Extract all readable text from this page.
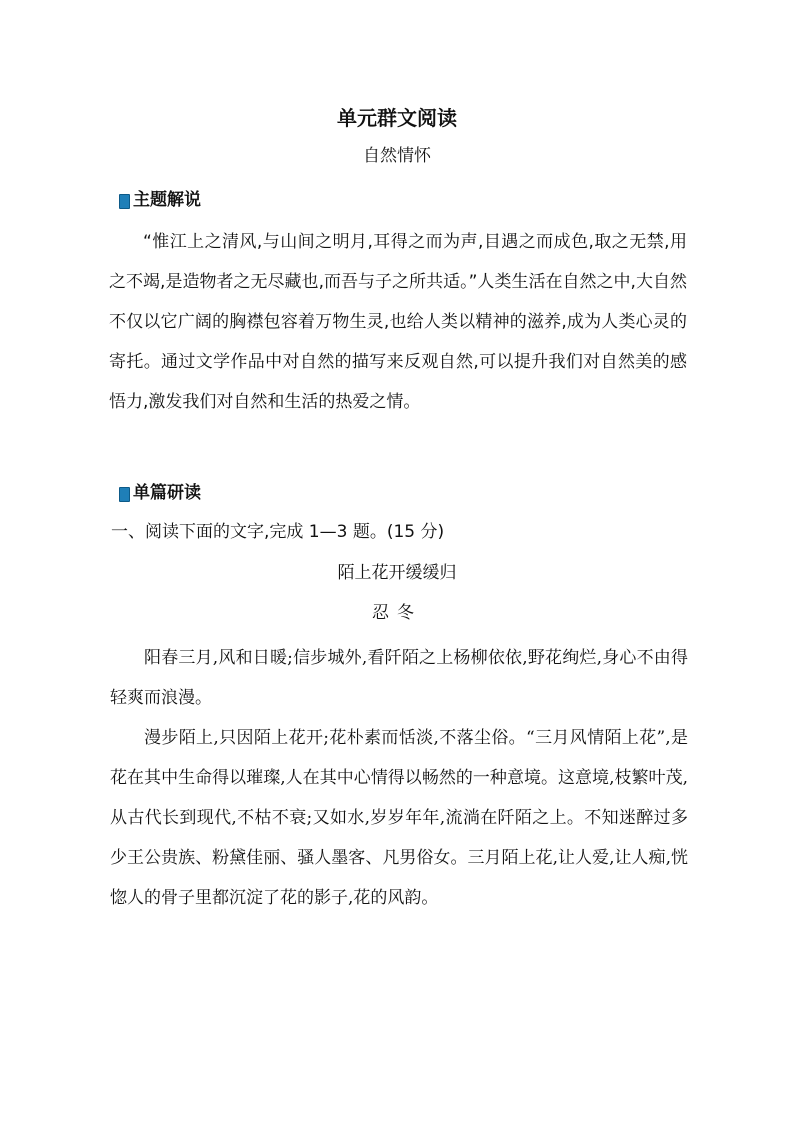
单元群文阅读
自然情怀
主题解说

“惟江上之清风,与山间之明月,耳得之而为声,目遇之而成色,取之无禁,用之不竭,是造物者之无尽藏也,而吾与子之所共适。”人类生活在自然之中,大自然不仅以它广阔的胸襟包容着万物生灵,也给人类以精神的滋养,成为人类心灵的寄托。通过文学作品中对自然的描写来反观自然,可以提升我们对自然美的感悟力,激发我们对自然和生活的热爱之情。

单篇研读
一、阅读下面的文字,完成 1—3 题。(15 分)
陌上花开缓缓归
忍冬

阳春三月,风和日暖;信步城外,看阡陌之上杨柳依依,野花绚烂,身心不由得轻爽而浪漫。

漫步陌上,只因陌上花开;花朴素而恬淡,不落尘俗。“三月风情陌上花”,是花在其中生命得以璀璨,人在其中心情得以畅然的一种意境。这意境,枝繁叶茂,从古代长到现代,不枯不衰;又如水,岁岁年年,流淌在阡陌之上。不知迷醉过多少王公贵族、粉黛佳丽、骚人墨客、凡男俗女。三月陌上花,让人爱,让人痴,恍惚人的骨子里都沉淀了花的影子,花的风韵。
